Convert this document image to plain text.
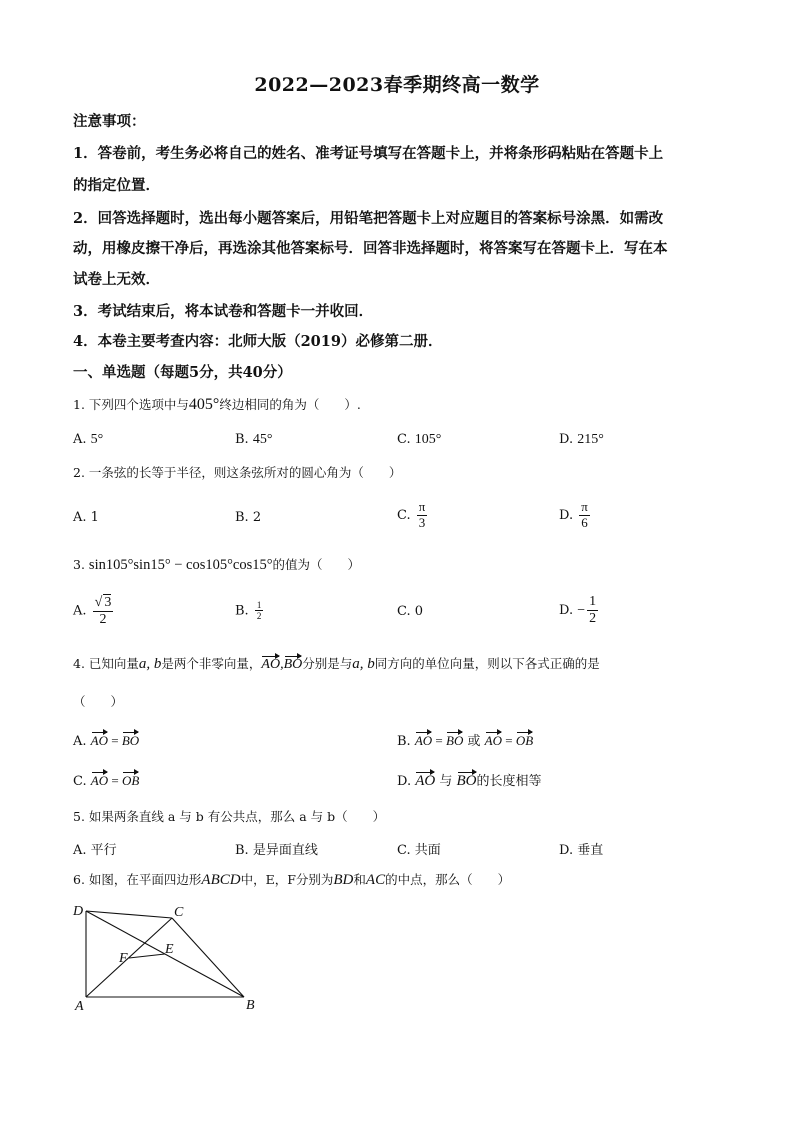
2022—2023春季期终高一数学
注意事项：
1．答卷前，考生务必将自己的姓名、准考证号填写在答题卡上，并将条形码粘贴在答题卡上
的指定位置．
2．回答选择题时，选出每小题答案后，用铅笔把答题卡上对应题目的答案标号涂黑．如需改
动，用橡皮擦干净后，再选涂其他答案标号．回答非选择题时，将答案写在答题卡上．写在本
试卷上无效．
3．考试结束后，将本试卷和答题卡一并收回．
4．本卷主要考查内容：北师大版（2019）必修第二册．
一、单选题（每题5分，共40分）
1. 下列四个选项中与405°终边相同的角为（　　）.
A. 5°	B. 45°	C. 105°	D. 215°
2. 一条弦的长等于半径，则这条弦所对的圆心角为（　　）
A. 1	B. 2	C. $\frac{\pi}{3}$	D. $\frac{\pi}{6}$
3. sin105°sin15° − cos105°cos15°的值为（　　）
A. $\frac{√ 3}{2}$	B. $\frac{1}{2}$	C. 0	D. − $\frac{1}{2}$
4. 已知向量a, b是两个非零向量，AO,BO分别是与a, b同方向的单位向量，则以下各式正确的是
（　　）
A. AO = BO	B. AO = BO 或 AO = OB
C. AO = OB	D. AO 与 BO的长度相等
5. 如果两条直线 a 与 b 有公共点，那么 a 与 b（　　）
A. 平行	B. 是异面直线	C. 共面	D. 垂直
6. 如图，在平面四边形ABCD中，E，F分别为BD和AC的中点，那么（　　）
D	C
E
F
A	B
